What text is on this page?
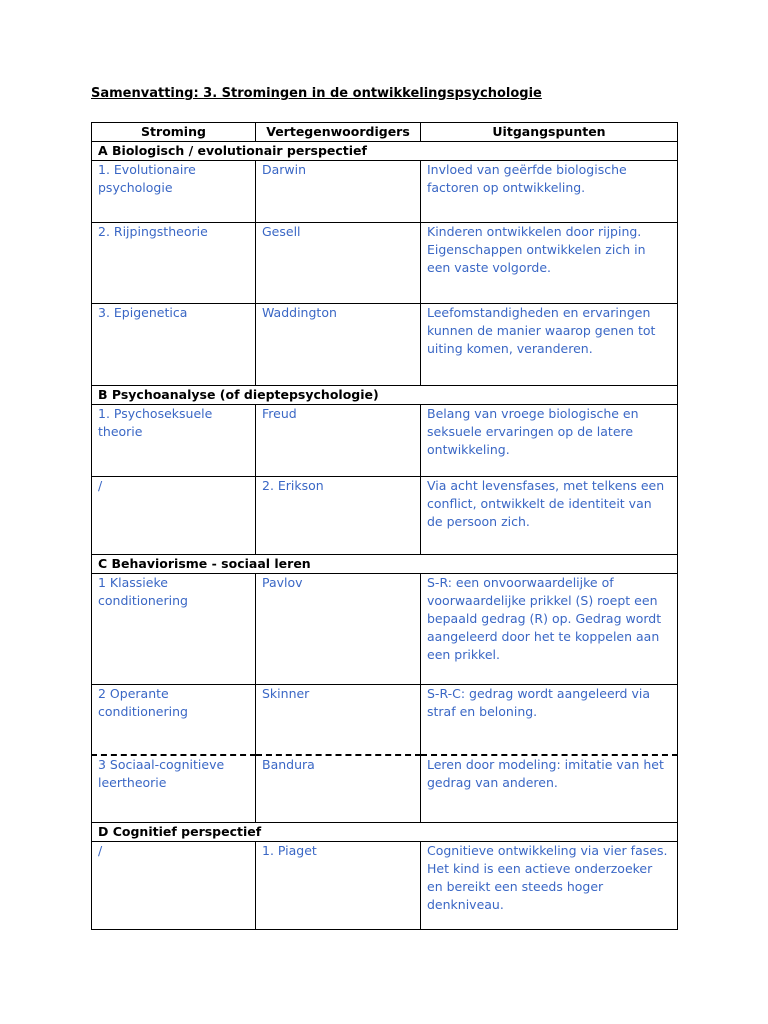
Samenvatting: 3. Stromingen in de ontwikkelingspsychologie
Stroming	Vertegenwoordigers	Uitgangspunten
A Biologisch / evolutionair perspectief		
1. Evolutionaire psychologie	Darwin	Invloed van geërfde biologische factoren op ontwikkeling.
2. Rijpingstheorie	Gesell	Kinderen ontwikkelen door rijping. Eigenschappen ontwikkelen zich in een vaste volgorde.
3. Epigenetica	Waddington	Leefomstandigheden en ervaringen kunnen de manier waarop genen tot uiting komen, veranderen.
B Psychoanalyse (of dieptepsychologie)		
1. Psychoseksuele theorie	Freud	Belang van vroege biologische en seksuele ervaringen op de latere ontwikkeling.
/	2. Erikson	Via acht levensfases, met telkens een conflict, ontwikkelt de identiteit van de persoon zich.
C Behaviorisme - sociaal leren		
1 Klassieke conditionering	Pavlov	S-R: een onvoorwaardelijke of voorwaardelijke prikkel (S) roept een bepaald gedrag (R) op. Gedrag wordt aangeleerd door het te koppelen aan een prikkel.
2 Operante conditionering	Skinner	S-R-C: gedrag wordt aangeleerd via straf en beloning.
3 Sociaal-cognitieve leertheorie	Bandura	Leren door modeling: imitatie van het gedrag van anderen.
D Cognitief perspectief		
/	1. Piaget	Cognitieve ontwikkeling via vier fases. Het kind is een actieve onderzoeker en bereikt een steeds hoger denkniveau.
